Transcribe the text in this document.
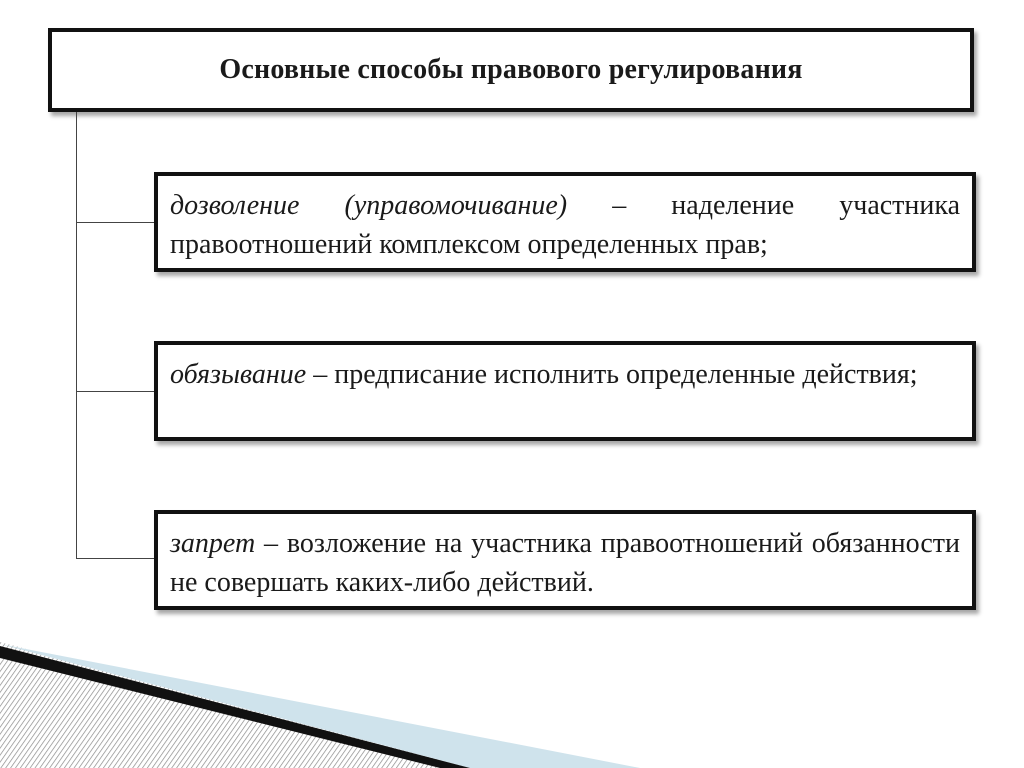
Основные способы правового регулирования
дозволение (управомочивание) – наделение участника правоотношений комплексом определенных прав;
обязывание – предписание исполнить определенные действия;
запрет – возложение на участника правоотношений обязанности не совершать каких-либо действий.
